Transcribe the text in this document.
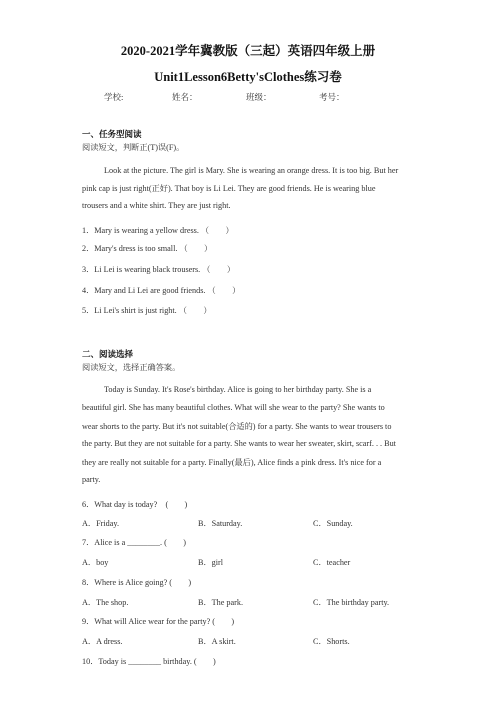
2020-2021学年冀教版（三起）英语四年级上册
Unit1Lesson6Betty'sClothes练习卷
学校:	姓名：	班级：	考号：
一、任务型阅读
阅读短文，判断正(T)误(F)。
Look at the picture. The girl is Mary. She is wearing an orange dress. It is too big. But her
pink cap is just right(正好). That boy is Li Lei. They are good friends. He is wearing blue
trousers and a white shirt. They are just right.
1．Mary is wearing a yellow dress. （　　）
2．Mary's dress is too small. （　　）
3．Li Lei is wearing black trousers. （　　）
4．Mary and Li Lei are good friends. （　　）
5．Li Lei's shirt is just right. （　　）
二、阅读选择
阅读短文，选择正确答案。
Today is Sunday. It's Rose's birthday. Alice is going to her birthday party. She is a
beautiful girl. She has many beautiful clothes. What will she wear to the party? She wants to
wear shorts to the party. But it's not suitable(合适的) for a party. She wants to wear trousers to
the party. But they are not suitable for a party. She wants to wear her sweater, skirt, scarf. . . But
they are really not suitable for a party. Finally(最后), Alice finds a pink dress. It's nice for a
party.
6．What day is today?　(　　)
A．Friday.	B．Saturday.	C．Sunday.
7．Alice is a ________. (　　)
A．boy	B．girl	C．teacher
8．Where is Alice going? (　　)
A．The shop.	B．The park.	C．The birthday party.
9．What will Alice wear for the party? (　　)
A．A dress.	B．A skirt.	C．Shorts.
10．Today is ________ birthday. (　　)
